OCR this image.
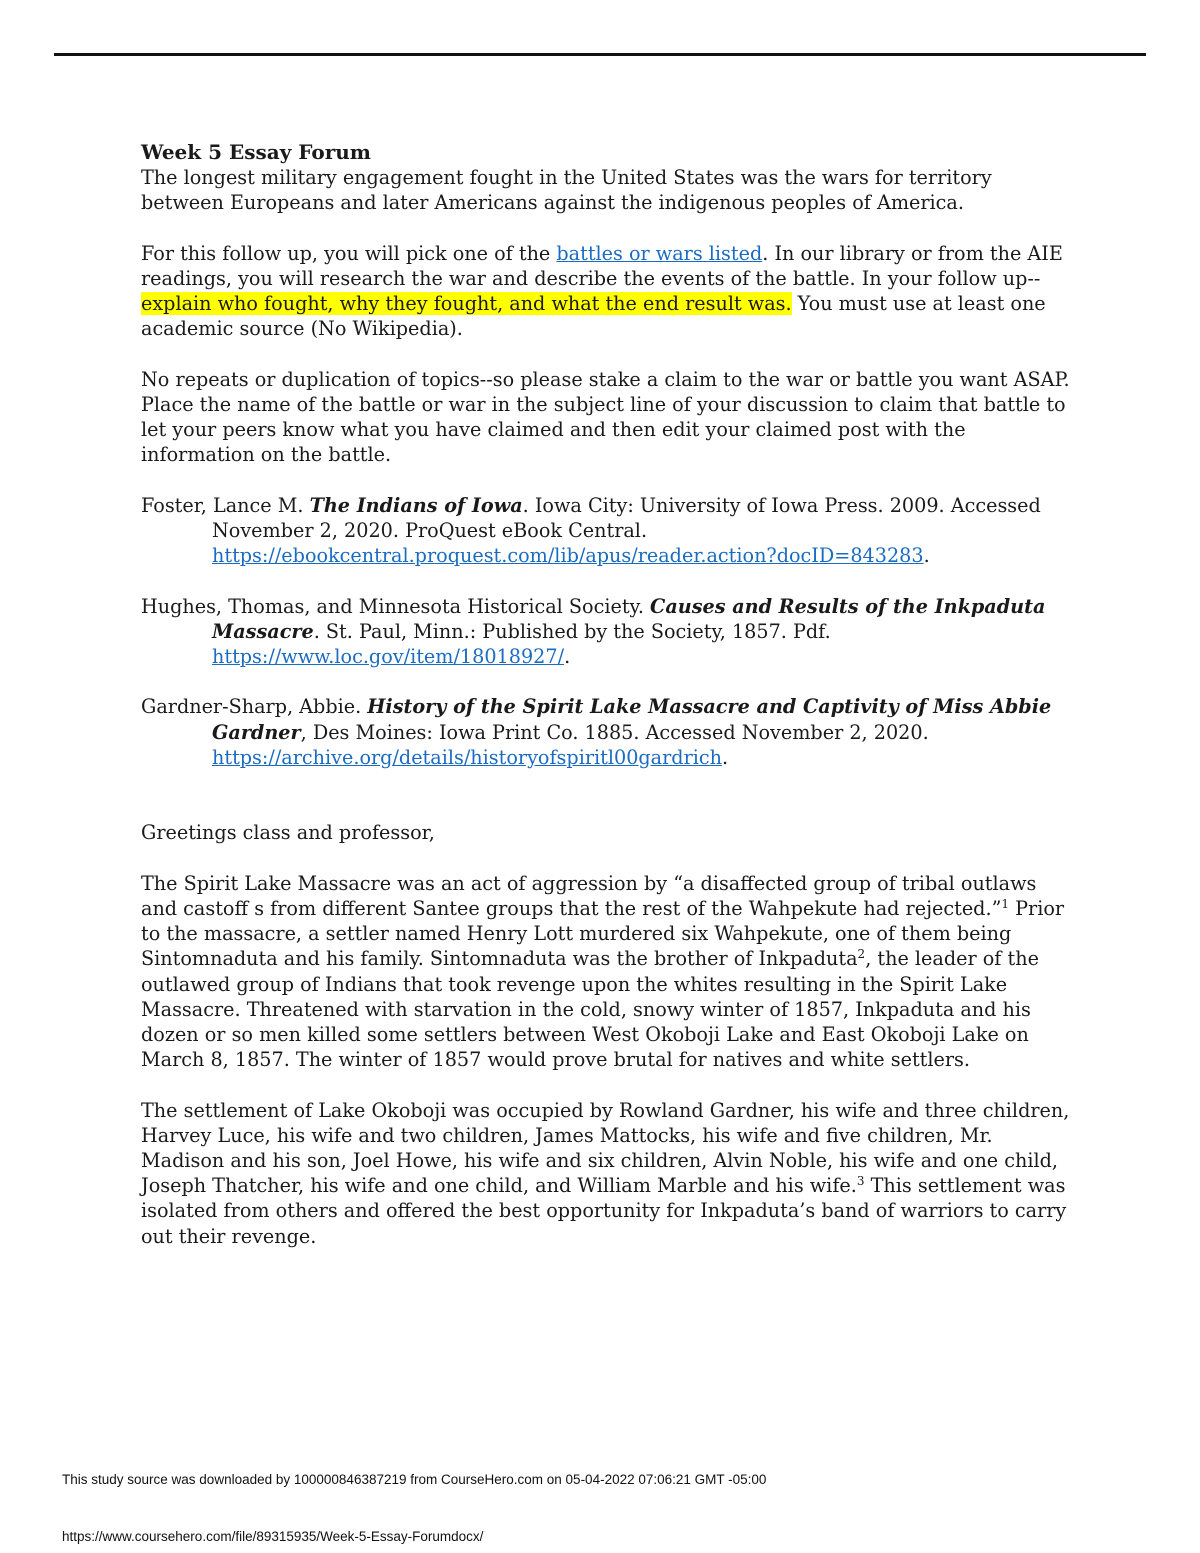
Week 5 Essay Forum

The longest military engagement fought in the United States was the wars for territory between Europeans and later Americans against the indigenous peoples of America.

For this follow up, you will pick one of the battles or wars listed. In our library or from the AIE readings, you will research the war and describe the events of the battle. In your follow up--explain who fought, why they fought, and what the end result was. You must use at least one academic source (No Wikipedia).

No repeats or duplication of topics--so please stake a claim to the war or battle you want ASAP. Place the name of the battle or war in the subject line of your discussion to claim that battle to let your peers know what you have claimed and then edit your claimed post with the information on the battle.

Foster, Lance M. The Indians of Iowa. Iowa City: University of Iowa Press. 2009. Accessed

November 2, 2020. ProQuest eBook Central.

https://ebookcentral.proquest.com/lib/apus/reader.action?docID=843283.

Hughes, Thomas, and Minnesota Historical Society. Causes and Results of the Inkpaduta

Massacre. St. Paul, Minn.: Published by the Society, 1857. Pdf.

https://www.loc.gov/item/18018927/.

Gardner-Sharp, Abbie. History of the Spirit Lake Massacre and Captivity of Miss Abbie

Gardner, Des Moines: Iowa Print Co. 1885. Accessed November 2, 2020.

https://archive.org/details/historyofspiritl00gardrich.

Greetings class and professor,

The Spirit Lake Massacre was an act of aggression by “a disaffected group of tribal outlaws and castoff s from different Santee groups that the rest of the Wahpekute had rejected.”$^1$ Prior to the massacre, a settler named Henry Lott murdered six Wahpekute, one of them being Sintomnaduta and his family. Sintomnaduta was the brother of Inkpaduta$^2$, the leader of the outlawed group of Indians that took revenge upon the whites resulting in the Spirit Lake Massacre. Threatened with starvation in the cold, snowy winter of 1857, Inkpaduta and his dozen or so men killed some settlers between West Okoboji Lake and East Okoboji Lake on March 8, 1857. The winter of 1857 would prove brutal for natives and white settlers.

The settlement of Lake Okoboji was occupied by Rowland Gardner, his wife and three children, Harvey Luce, his wife and two children, James Mattocks, his wife and five children, Mr. Madison and his son, Joel Howe, his wife and six children, Alvin Noble, his wife and one child, Joseph Thatcher, his wife and one child, and William Marble and his wife.$^3$ This settlement was isolated from others and offered the best opportunity for Inkpaduta’s band of warriors to carry out their revenge.

This study source was downloaded by 100000846387219 from CourseHero.com on 05-04-2022 07:06:21 GMT -05:00
https://www.coursehero.com/file/89315935/Week-5-Essay-Forumdocx/
